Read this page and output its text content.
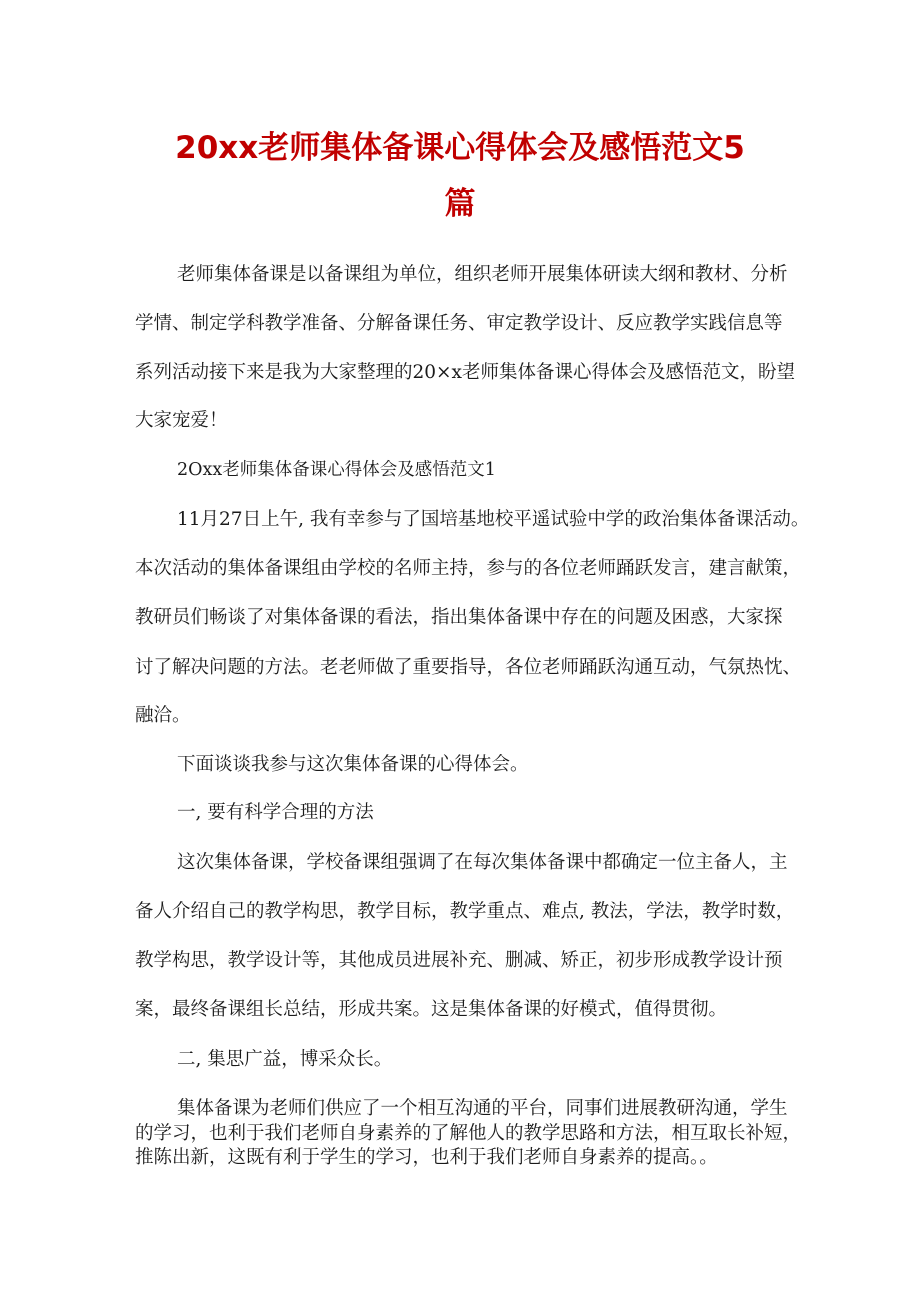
20xx老师集体备课心得体会及感悟范文5
篇
老师集体备课是以备课组为单位，组织老师开展集体研读大纲和教材、分析
学情、制定学科教学准备、分解备课任务、审定教学设计、反应教学实践信息等
系列活动接下来是我为大家整理的20×x老师集体备课心得体会及感悟范文，盼望
大家宠爱！
2Oxx老师集体备课心得体会及感悟范文1
11月27日上午, 我有幸参与了国培基地校平遥试验中学的政治集体备课活动。
本次活动的集体备课组由学校的名师主持，参与的各位老师踊跃发言，建言献策，
教研员们畅谈了对集体备课的看法，指出集体备课中存在的问题及困惑，大家探
讨了解决问题的方法。老老师做了重要指导，各位老师踊跃沟通互动，气氛热忱、
融洽。
下面谈谈我参与这次集体备课的心得体会。
一, 要有科学合理的方法
这次集体备课，学校备课组强调了在每次集体备课中都确定一位主备人，主
备人介绍自己的教学构思，教学目标，教学重点、难点, 教法，学法，教学时数，
教学构思，教学设计等，其他成员进展补充、删减、矫正，初步形成教学设计预
案，最终备课组长总结，形成共案。这是集体备课的好模式，值得贯彻。
二, 集思广益，博采众长。
集体备课为老师们供应了一个相互沟通的平台，同事们进展教研沟通，学生
的学习，也利于我们老师自身素养的了解他人的教学思路和方法，相互取长补短，
推陈出新，这既有利于学生的学习，也利于我们老师自身素养的提高。。
